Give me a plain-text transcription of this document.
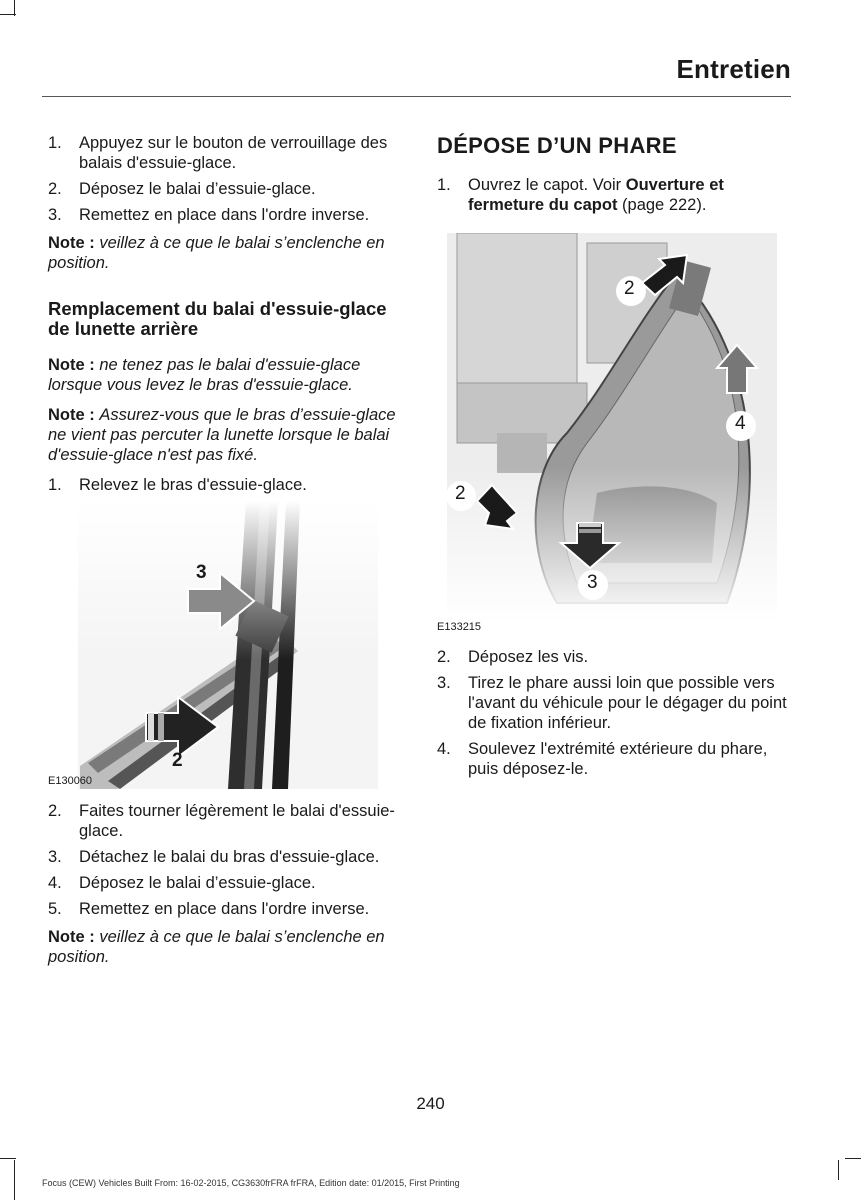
Entretien
1.	Appuyez sur le bouton de verrouillage des balais d'essuie-glace.
2.	Déposez le balai d’essuie-glace.
3.	Remettez en place dans l'ordre inverse.
Note : veillez à ce que le balai s’enclenche en position.
Remplacement du balai d'essuie-glace de lunette arrière
Note : ne tenez pas le balai d'essuie-glace lorsque vous levez le bras d'essuie-glace.
Note : Assurez-vous que le bras d’essuie-glace ne vient pas percuter la lunette lorsque le balai d'essuie-glace n'est pas fixé.
1.	Relevez le bras d'essuie-glace.
3
2
E130060
2.	Faites tourner légèrement le balai d'essuie-glace.
3.	Détachez le balai du bras d'essuie-glace.
4.	Déposez le balai d’essuie-glace.
5.	Remettez en place dans l'ordre inverse.
Note : veillez à ce que le balai s’enclenche en position.
DÉPOSE D’UN PHARE
1.	Ouvrez le capot. Voir Ouverture et fermeture du capot (page 222).
2
4
2
3
E133215
2.	Déposez les vis.
3.	Tirez le phare aussi loin que possible vers l'avant du véhicule pour le dégager du point de fixation inférieur.
4.	Soulevez l'extrémité extérieure du phare, puis déposez-le.
240
Focus (CEW) Vehicles Built From: 16-02-2015, CG3630frFRA frFRA, Edition date: 01/2015, First Printing
